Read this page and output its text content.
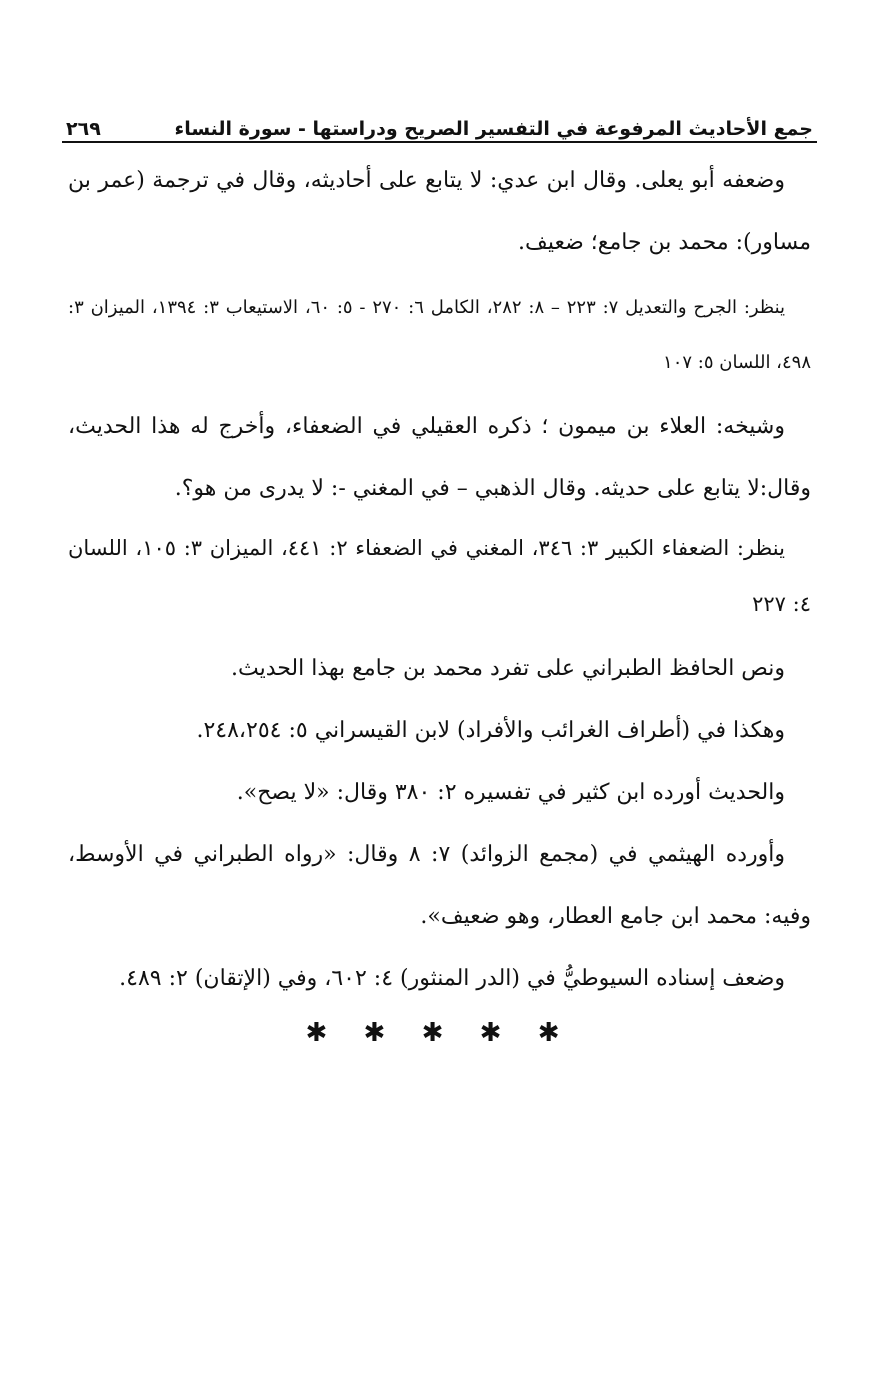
جمع الأحاديث المرفوعة في التفسير الصريح ودراستها - سورة النساء
٢٦٩

وضعفه أبو يعلى. وقال ابن عدي: لا يتابع على أحاديثه، وقال في ترجمة (عمر بن مساور): محمد بن جامع؛ ضعيف.

ينظر: الجرح والتعديل ٧: ٢٢٣ – ٨: ٢٨٢، الكامل ٦: ٢٧٠ - ٥: ٦٠، الاستيعاب ٣: ١٣٩٤، الميزان ٣: ٤٩٨، اللسان ٥: ١٠٧

وشيخه: العلاء بن ميمون ؛ ذكره العقيلي في الضعفاء، وأخرج له هذا الحديث، وقال:لا يتابع على حديثه. وقال الذهبي – في المغني -: لا يدرى من هو؟.

ينظر: الضعفاء الكبير ٣: ٣٤٦، المغني في الضعفاء ٢: ٤٤١، الميزان ٣: ١٠٥، اللسان ٤: ٢٢٧

ونص الحافظ الطبراني على تفرد محمد بن جامع بهذا الحديث.

وهكذا في (أطراف الغرائب والأفراد) لابن القيسراني ٥: ٢٤٨،٢٥٤.

والحديث أورده ابن كثير في تفسيره ٢: ٣٨٠ وقال: «لا يصح».

وأورده الهيثمي في (مجمع الزوائد) ٧: ٨ وقال: «رواه الطبراني في الأوسط، وفيه: محمد ابن جامع العطار، وهو ضعيف».

وضعف إسناده السيوطيُّ في (الدر المنثور) ٤: ٦٠٢، وفي (الإتقان) ٢: ٤٨٩.

✱ ✱ ✱ ✱ ✱
